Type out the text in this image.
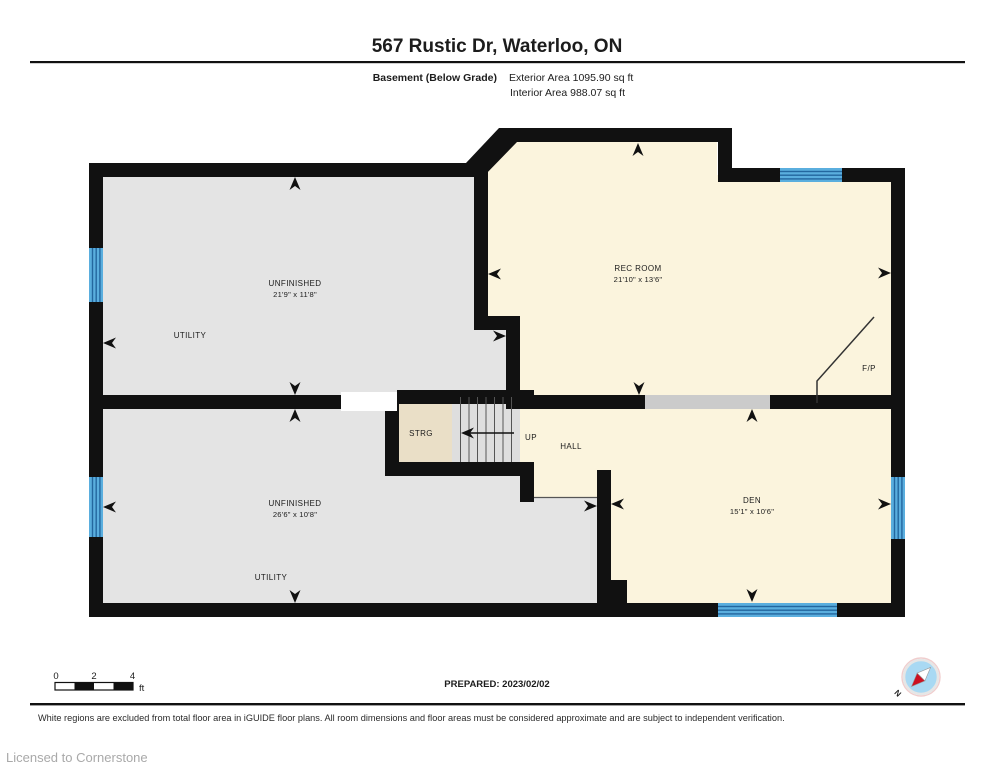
567 Rustic Dr, Waterloo, ON
Basement (Below Grade) Exterior Area 1095.90 sq ft
Interior Area 988.07 sq ft
UNFINISHED
21'9" x 11'8"
UTILITY
REC ROOM
21'10" x 13'6"
UNFINISHED
26'6" x 10'8"
UTILITY
STRG	UP
HALL
DEN
15'1" x 10'6"
F/P
0	2	4
ft	PREPARED: 2023/02/02
N
White regions are excluded from total floor area in iGUIDE floor plans. All room dimensions and floor areas must be considered approximate and are subject to independent verification.
Licensed to Cornerstone
